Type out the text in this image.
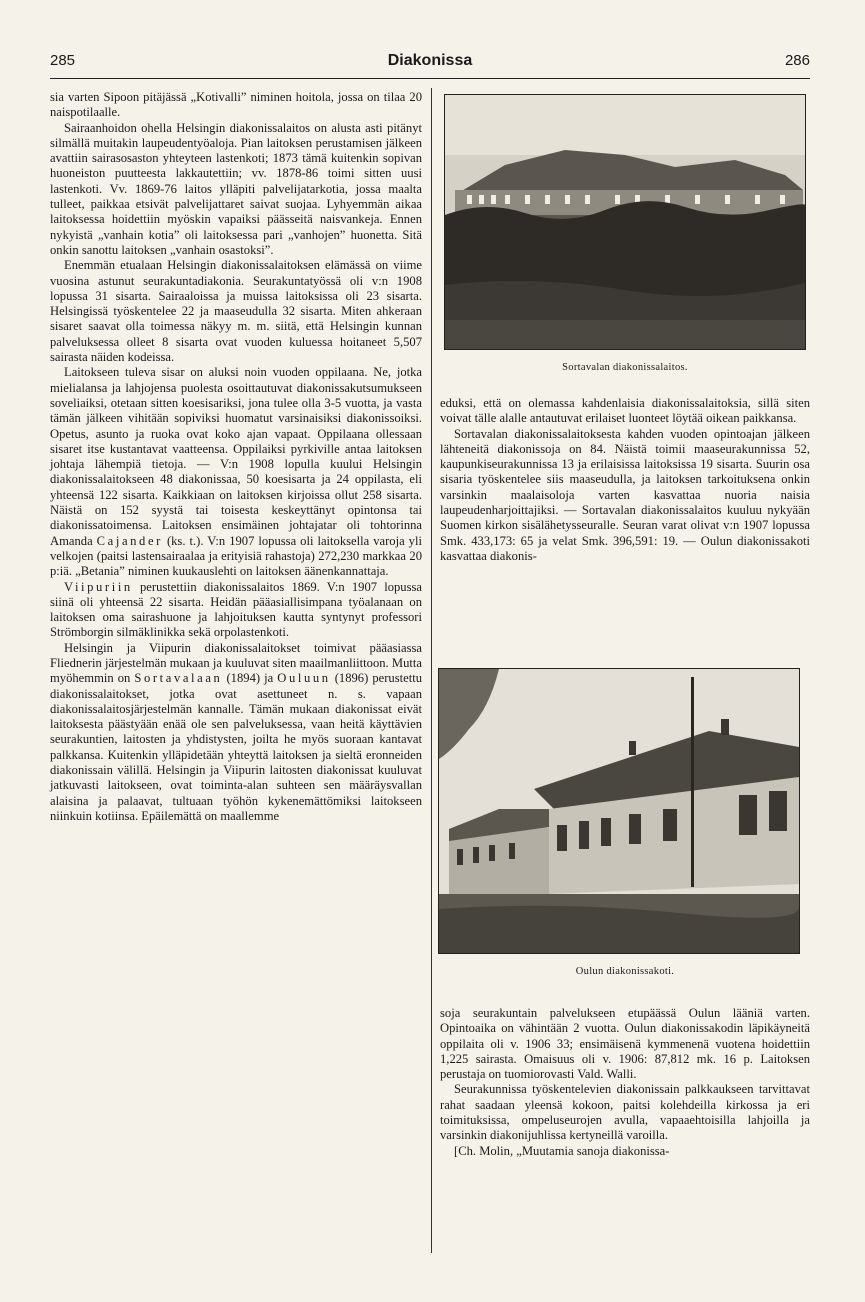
285	Diakonissa	286

sia varten Sipoon pitäjässä „Kotivalli” niminen hoitola, jossa on tilaa 20 naispotilaalle.

Sairaanhoidon ohella Helsingin diakonissalaitos on alusta asti pitänyt silmällä muitakin laupeudentyöaloja. Pian laitoksen perustamisen jälkeen avattiin sairasosaston yhteyteen lastenkoti; 1873 tämä kuitenkin sopivan huoneiston puutteesta lakkautettiin; vv. 1878-86 toimi sitten uusi lastenkoti. Vv. 1869-76 laitos ylläpiti palvelijatarkotia, jossa maalta tulleet, paikkaa etsivät palvelijattaret saivat suojaa. Lyhyemmän aikaa laitoksessa hoidettiin myöskin vapaiksi päässeitä naisvankeja. Ennen nykyistä „vanhain kotia” oli laitoksessa pari „vanhojen” huonetta. Sitä onkin sanottu laitoksen „vanhain osastoksi”.

Enemmän etualaan Helsingin diakonissalaitoksen elämässä on viime vuosina astunut seurakuntadiakonia. Seurakuntatyössä oli v:n 1908 lopussa 31 sisarta. Sairaaloissa ja muissa laitoksissa oli 23 sisarta. Helsingissä työskentelee 22 ja maaseudulla 32 sisarta. Miten ahkeraan sisaret saavat olla toimessa näkyy m. m. siitä, että Helsingin kunnan palveluksessa olleet 8 sisarta ovat vuoden kuluessa hoitaneet 5,507 sairasta näiden kodeissa.

Laitokseen tuleva sisar on aluksi noin vuoden oppilaana. Ne, jotka mielialansa ja lahjojensa puolesta osoittautuvat diakonissakutsumukseen soveliaiksi, otetaan sitten koesisariksi, jona tulee olla 3-5 vuotta, ja vasta tämän jälkeen vihitään sopiviksi huomatut varsinaisiksi diakonissoiksi. Opetus, asunto ja ruoka ovat koko ajan vapaat. Oppilaana ollessaan sisaret itse kustantavat vaatteensa. Oppilaiksi pyrkiville antaa laitoksen johtaja lähempiä tietoja. — V:n 1908 lopulla kuului Helsingin diakonissalaitokseen 48 diakonissaa, 50 koesisarta ja 24 oppilasta, eli yhteensä 122 sisarta. Kaikkiaan on laitoksen kirjoissa ollut 258 sisarta. Näistä on 152 syystä tai toisesta keskeyttänyt opintonsa tai diakonissatoimensa. Laitoksen ensimäinen johtajatar oli tohtorinna Amanda Cajander (ks. t.). V:n 1907 lopussa oli laitoksella varoja yli velkojen (paitsi lastensairaalaa ja erityisiä rahastoja) 272,230 markkaa 20 p:iä. „Betania” niminen kuukauslehti on laitoksen äänenkannattaja.

Viipuriin perustettiin diakonissalaitos 1869. V:n 1907 lopussa siinä oli yhteensä 22 sisarta. Heidän pääasiallisimpana työalanaan on laitoksen oma sairashuone ja lahjoituksen kautta syntynyt professori Strömborgin silmäklinikka sekä orpolastenkoti.

Helsingin ja Viipurin diakonissalaitokset toimivat pääasiassa Fliednerin järjestelmän mukaan ja kuuluvat siten maailmanliittoon. Mutta myöhemmin on Sortavalaan (1894) ja Ouluun (1896) perustettu diakonissalaitokset, jotka ovat asettuneet n. s. vapaan diakonissalaitosjärjestelmän kannalle. Tämän mukaan diakonissat eivät laitoksesta päästyään enää ole sen palveluksessa, vaan heitä käyttävien seurakuntien, laitosten ja yhdistysten, joilta he myös suoraan kantavat palkkansa. Kuitenkin ylläpidetään yhteyttä laitoksen ja sieltä eronneiden diakonissain välillä. Helsingin ja Viipurin laitosten diakonissat kuuluvat jatkuvasti laitokseen, ovat toiminta-alan suhteen sen määräysvallan alaisina ja palaavat, tultuaan työhön kykenemättömiksi laitokseen niinkuin kotiinsa. Epäilemättä on maallemme

Sortavalan diakonissalaitos.

eduksi, että on olemassa kahdenlaisia diakonissalaitoksia, sillä siten voivat tälle alalle antautuvat erilaiset luonteet löytää oikean paikkansa.

Sortavalan diakonissalaitoksesta kahden vuoden opintoajan jälkeen lähteneitä diakonissoja on 84. Näistä toimii maaseurakunnissa 52, kaupunkiseurakunnissa 13 ja erilaisissa laitoksissa 19 sisarta. Suurin osa sisaria työskentelee siis maaseudulla, ja laitoksen tarkoituksena onkin varsinkin maalaisoloja varten kasvattaa nuoria naisia laupeudenharjoittajiksi. — Sortavalan diakonissalaitos kuuluu nykyään Suomen kirkon sisälähetysseuralle. Seuran varat olivat v:n 1907 lopussa Smk. 433,173: 65 ja velat Smk. 396,591: 19. — Oulun diakonissakoti kasvattaa diakonis-

Oulun diakonissakoti.

soja seurakuntain palvelukseen etupäässä Oulun lääniä varten. Opintoaika on vähintään 2 vuotta. Oulun diakonissakodin läpikäyneitä oppilaita oli v. 1906 33; ensimäisenä kymmenenä vuotena hoidettiin 1,225 sairasta. Omaisuus oli v. 1906: 87,812 mk. 16 p. Laitoksen perustaja on tuomiorovasti Vald. Walli.

Seurakunnissa työskentelevien diakonissain palkkaukseen tarvittavat rahat saadaan yleensä kokoon, paitsi kolehdeilla kirkossa ja eri toimituksissa, ompeluseurojen avulla, vapaaehtoisilla lahjoilla ja varsinkin diakonijuhlissa kertyneillä varoilla.

[Ch. Molin, „Muutamia sanoja diakonissa-
